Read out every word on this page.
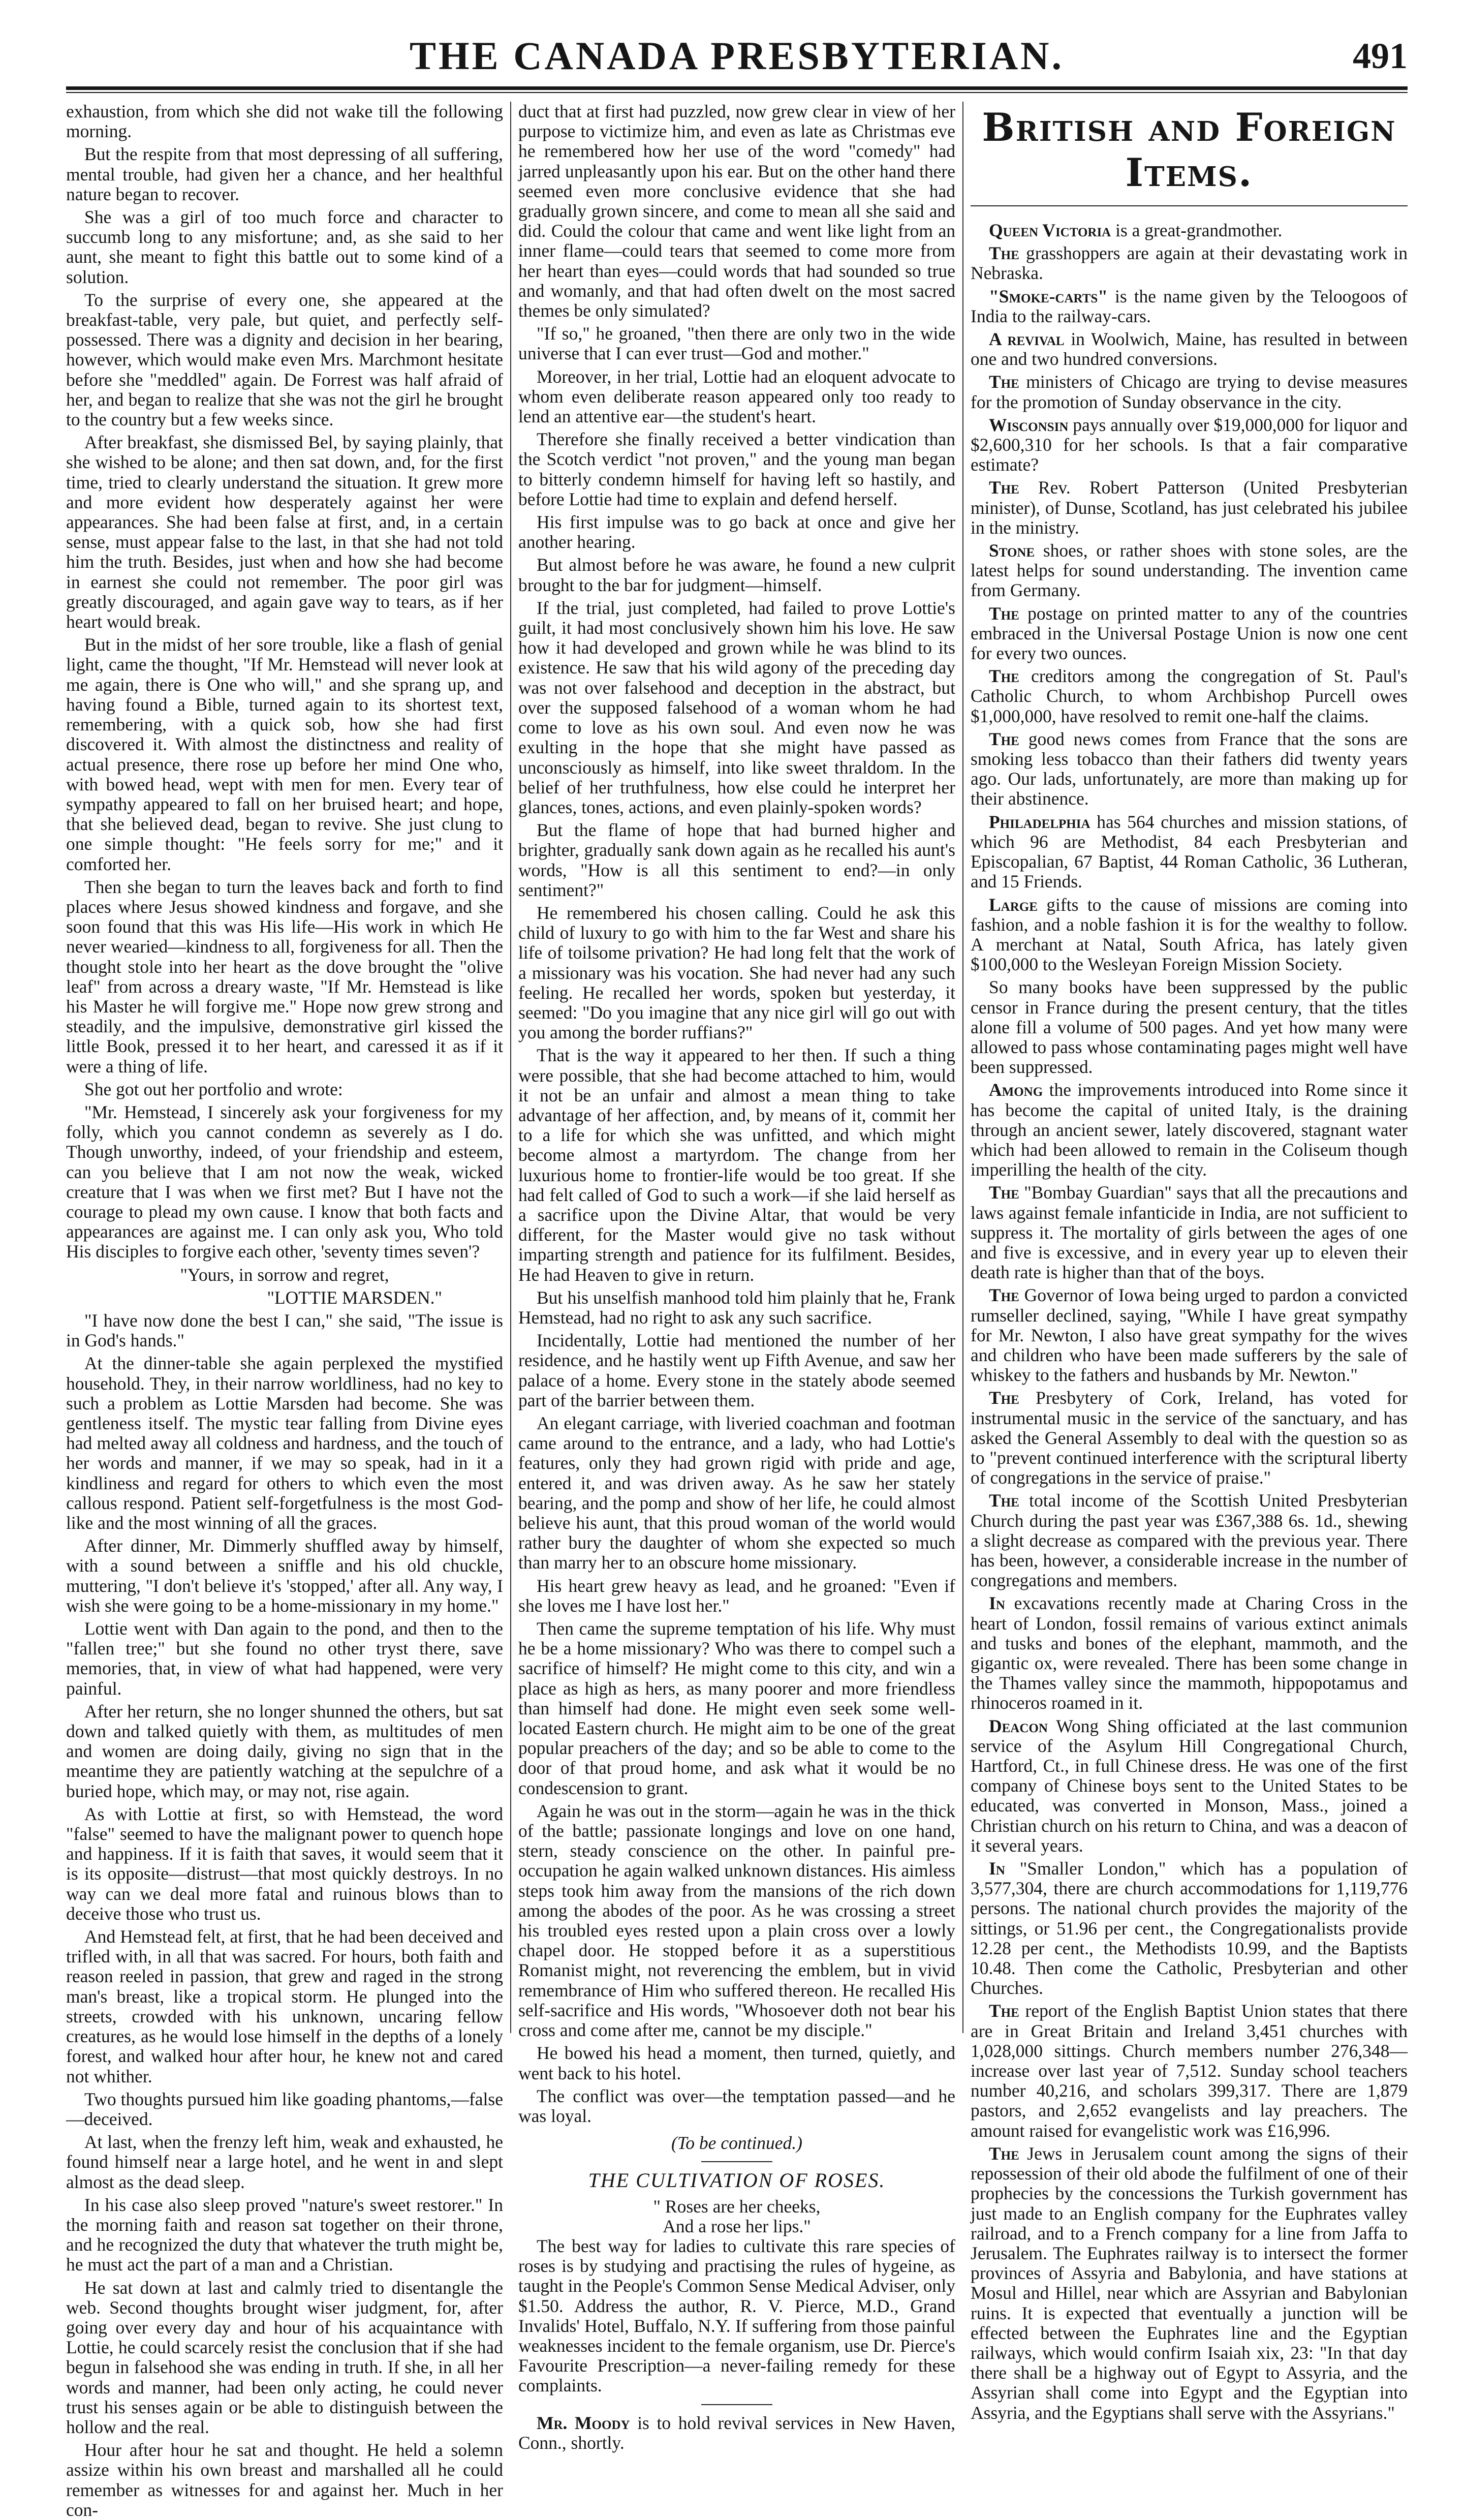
THE CANADA PRESBYTERIAN.	491

exhaustion, from which she did not wake till the following morning.

But the respite from that most depressing of all suffering, mental trouble, had given her a chance, and her healthful nature began to recover.

She was a girl of too much force and character to succumb long to any misfortune; and, as she said to her aunt, she meant to fight this battle out to some kind of a solution.

To the surprise of every one, she appeared at the breakfast-table, very pale, but quiet, and perfectly self-possessed. There was a dignity and decision in her bearing, however, which would make even Mrs. Marchmont hesitate before she "meddled" again. De Forrest was half afraid of her, and began to realize that she was not the girl he brought to the country but a few weeks since.

After breakfast, she dismissed Bel, by saying plainly, that she wished to be alone; and then sat down, and, for the first time, tried to clearly understand the situation. It grew more and more evident how desperately against her were appearances. She had been false at first, and, in a certain sense, must appear false to the last, in that she had not told him the truth. Besides, just when and how she had become in earnest she could not remember. The poor girl was greatly discouraged, and again gave way to tears, as if her heart would break.

But in the midst of her sore trouble, like a flash of genial light, came the thought, "If Mr. Hemstead will never look at me again, there is One who will," and she sprang up, and having found a Bible, turned again to its shortest text, remembering, with a quick sob, how she had first discovered it. With almost the distinctness and reality of actual presence, there rose up before her mind One who, with bowed head, wept with men for men. Every tear of sympathy appeared to fall on her bruised heart; and hope, that she believed dead, began to revive. She just clung to one simple thought: "He feels sorry for me;" and it comforted her.

Then she began to turn the leaves back and forth to find places where Jesus showed kindness and forgave, and she soon found that this was His life—His work in which He never wearied—kindness to all, forgiveness for all. Then the thought stole into her heart as the dove brought the "olive leaf" from across a dreary waste, "If Mr. Hemstead is like his Master he will forgive me." Hope now grew strong and steadily, and the impulsive, demonstrative girl kissed the little Book, pressed it to her heart, and caressed it as if it were a thing of life.

She got out her portfolio and wrote:

"Mr. Hemstead, I sincerely ask your forgiveness for my folly, which you cannot condemn as severely as I do. Though unworthy, indeed, of your friendship and esteem, can you believe that I am not now the weak, wicked creature that I was when we first met? But I have not the courage to plead my own cause. I know that both facts and appearances are against me. I can only ask you, Who told His disciples to forgive each other, 'seventy times seven'?

"Yours, in sorrow and regret,

"LOTTIE MARSDEN."

"I have now done the best I can," she said, "The issue is in God's hands."

At the dinner-table she again perplexed the mystified household. They, in their narrow worldliness, had no key to such a problem as Lottie Marsden had become. She was gentleness itself. The mystic tear falling from Divine eyes had melted away all coldness and hardness, and the touch of her words and manner, if we may so speak, had in it a kindliness and regard for others to which even the most callous respond. Patient self-forgetfulness is the most God-like and the most winning of all the graces.

After dinner, Mr. Dimmerly shuffled away by himself, with a sound between a sniffle and his old chuckle, muttering, "I don't believe it's 'stopped,' after all. Any way, I wish she were going to be a home-missionary in my home."

Lottie went with Dan again to the pond, and then to the "fallen tree;" but she found no other tryst there, save memories, that, in view of what had happened, were very painful.

After her return, she no longer shunned the others, but sat down and talked quietly with them, as multitudes of men and women are doing daily, giving no sign that in the meantime they are patiently watching at the sepulchre of a buried hope, which may, or may not, rise again.

As with Lottie at first, so with Hemstead, the word "false" seemed to have the malignant power to quench hope and happiness. If it is faith that saves, it would seem that it is its opposite—distrust—that most quickly destroys. In no way can we deal more fatal and ruinous blows than to deceive those who trust us.

And Hemstead felt, at first, that he had been deceived and trifled with, in all that was sacred. For hours, both faith and reason reeled in passion, that grew and raged in the strong man's breast, like a tropical storm. He plunged into the streets, crowded with his unknown, uncaring fellow creatures, as he would lose himself in the depths of a lonely forest, and walked hour after hour, he knew not and cared not whither.

Two thoughts pursued him like goading phantoms,—false—deceived.

At last, when the frenzy left him, weak and exhausted, he found himself near a large hotel, and he went in and slept almost as the dead sleep.

In his case also sleep proved "nature's sweet restorer." In the morning faith and reason sat together on their throne, and he recognized the duty that whatever the truth might be, he must act the part of a man and a Christian.

He sat down at last and calmly tried to disentangle the web. Second thoughts brought wiser judgment, for, after going over every day and hour of his acquaintance with Lottie, he could scarcely resist the conclusion that if she had begun in falsehood she was ending in truth. If she, in all her words and manner, had been only acting, he could never trust his senses again or be able to distinguish between the hollow and the real.

Hour after hour he sat and thought. He held a solemn assize within his own breast and marshalled all he could remember as witnesses for and against her. Much in her con-

duct that at first had puzzled, now grew clear in view of her purpose to victimize him, and even as late as Christmas eve he remembered how her use of the word "comedy" had jarred unpleasantly upon his ear. But on the other hand there seemed even more conclusive evidence that she had gradually grown sincere, and come to mean all she said and did. Could the colour that came and went like light from an inner flame—could tears that seemed to come more from her heart than eyes—could words that had sounded so true and womanly, and that had often dwelt on the most sacred themes be only simulated?

"If so," he groaned, "then there are only two in the wide universe that I can ever trust—God and mother."

Moreover, in her trial, Lottie had an eloquent advocate to whom even deliberate reason appeared only too ready to lend an attentive ear—the student's heart.

Therefore she finally received a better vindication than the Scotch verdict "not proven," and the young man began to bitterly condemn himself for having left so hastily, and before Lottie had time to explain and defend herself.

His first impulse was to go back at once and give her another hearing.

But almost before he was aware, he found a new culprit brought to the bar for judgment—himself.

If the trial, just completed, had failed to prove Lottie's guilt, it had most conclusively shown him his love. He saw how it had developed and grown while he was blind to its existence. He saw that his wild agony of the preceding day was not over falsehood and deception in the abstract, but over the supposed falsehood of a woman whom he had come to love as his own soul. And even now he was exulting in the hope that she might have passed as unconsciously as himself, into like sweet thraldom. In the belief of her truthfulness, how else could he interpret her glances, tones, actions, and even plainly-spoken words?

But the flame of hope that had burned higher and brighter, gradually sank down again as he recalled his aunt's words, "How is all this sentiment to end?—in only sentiment?"

He remembered his chosen calling. Could he ask this child of luxury to go with him to the far West and share his life of toilsome privation? He had long felt that the work of a missionary was his vocation. She had never had any such feeling. He recalled her words, spoken but yesterday, it seemed: "Do you imagine that any nice girl will go out with you among the border ruffians?"

That is the way it appeared to her then. If such a thing were possible, that she had become attached to him, would it not be an unfair and almost a mean thing to take advantage of her affection, and, by means of it, commit her to a life for which she was unfitted, and which might become almost a martyrdom. The change from her luxurious home to frontier-life would be too great. If she had felt called of God to such a work—if she laid herself as a sacrifice upon the Divine Altar, that would be very different, for the Master would give no task without imparting strength and patience for its fulfilment. Besides, He had Heaven to give in return.

But his unselfish manhood told him plainly that he, Frank Hemstead, had no right to ask any such sacrifice.

Incidentally, Lottie had mentioned the number of her residence, and he hastily went up Fifth Avenue, and saw her palace of a home. Every stone in the stately abode seemed part of the barrier between them.

An elegant carriage, with liveried coachman and footman came around to the entrance, and a lady, who had Lottie's features, only they had grown rigid with pride and age, entered it, and was driven away. As he saw her stately bearing, and the pomp and show of her life, he could almost believe his aunt, that this proud woman of the world would rather bury the daughter of whom she expected so much than marry her to an obscure home missionary.

His heart grew heavy as lead, and he groaned: "Even if she loves me I have lost her."

Then came the supreme temptation of his life. Why must he be a home missionary? Who was there to compel such a sacrifice of himself? He might come to this city, and win a place as high as hers, as many poorer and more friendless than himself had done. He might even seek some well-located Eastern church. He might aim to be one of the great popular preachers of the day; and so be able to come to the door of that proud home, and ask what it would be no condescension to grant.

Again he was out in the storm—again he was in the thick of the battle; passionate longings and love on one hand, stern, steady conscience on the other. In painful pre-occupation he again walked unknown distances. His aimless steps took him away from the mansions of the rich down among the abodes of the poor. As he was crossing a street his troubled eyes rested upon a plain cross over a lowly chapel door. He stopped before it as a superstitious Romanist might, not reverencing the emblem, but in vivid remembrance of Him who suffered thereon. He recalled His self-sacrifice and His words, "Whosoever doth not bear his cross and come after me, cannot be my disciple."

He bowed his head a moment, then turned, quietly, and went back to his hotel.

The conflict was over—the temptation passed—and he was loyal.

(To be continued.)

THE CULTIVATION OF ROSES.

" Roses are her cheeks,

And a rose her lips."

The best way for ladies to cultivate this rare species of roses is by studying and practising the rules of hygeine, as taught in the People's Common Sense Medical Adviser, only $1.50. Address the author, R. V. Pierce, M.D., Grand Invalids' Hotel, Buffalo, N.Y. If suffering from those painful weaknesses incident to the female organism, use Dr. Pierce's Favourite Prescription—a never-failing remedy for these complaints.

Mr. Moody is to hold revival services in New Haven, Conn., shortly.

British and Foreign Items.

Queen Victoria is a great-grandmother.

The grasshoppers are again at their devastating work in Nebraska.

"Smoke-carts" is the name given by the Teloogoos of India to the railway-cars.

A revival in Woolwich, Maine, has resulted in between one and two hundred conversions.

The ministers of Chicago are trying to devise measures for the promotion of Sunday observance in the city.

Wisconsin pays annually over $19,000,000 for liquor and $2,600,310 for her schools. Is that a fair comparative estimate?

The Rev. Robert Patterson (United Presbyterian minister), of Dunse, Scotland, has just celebrated his jubilee in the ministry.

Stone shoes, or rather shoes with stone soles, are the latest helps for sound understanding. The invention came from Germany.

The postage on printed matter to any of the countries embraced in the Universal Postage Union is now one cent for every two ounces.

The creditors among the congregation of St. Paul's Catholic Church, to whom Archbishop Purcell owes $1,000,000, have resolved to remit one-half the claims.

The good news comes from France that the sons are smoking less tobacco than their fathers did twenty years ago. Our lads, unfortunately, are more than making up for their abstinence.

Philadelphia has 564 churches and mission stations, of which 96 are Methodist, 84 each Presbyterian and Episcopalian, 67 Baptist, 44 Roman Catholic, 36 Lutheran, and 15 Friends.

Large gifts to the cause of missions are coming into fashion, and a noble fashion it is for the wealthy to follow. A merchant at Natal, South Africa, has lately given $100,000 to the Wesleyan Foreign Mission Society.

So many books have been suppressed by the public censor in France during the present century, that the titles alone fill a volume of 500 pages. And yet how many were allowed to pass whose contaminating pages might well have been suppressed.

Among the improvements introduced into Rome since it has become the capital of united Italy, is the draining through an ancient sewer, lately discovered, stagnant water which had been allowed to remain in the Coliseum though imperilling the health of the city.

The "Bombay Guardian" says that all the precautions and laws against female infanticide in India, are not sufficient to suppress it. The mortality of girls between the ages of one and five is excessive, and in every year up to eleven their death rate is higher than that of the boys.

The Governor of Iowa being urged to pardon a convicted rumseller declined, saying, "While I have great sympathy for Mr. Newton, I also have great sympathy for the wives and children who have been made sufferers by the sale of whiskey to the fathers and husbands by Mr. Newton."

The Presbytery of Cork, Ireland, has voted for instrumental music in the service of the sanctuary, and has asked the General Assembly to deal with the question so as to "prevent continued interference with the scriptural liberty of congregations in the service of praise."

The total income of the Scottish United Presbyterian Church during the past year was £367,388 6s. 1d., shewing a slight decrease as compared with the previous year. There has been, however, a considerable increase in the number of congregations and members.

In excavations recently made at Charing Cross in the heart of London, fossil remains of various extinct animals and tusks and bones of the elephant, mammoth, and the gigantic ox, were revealed. There has been some change in the Thames valley since the mammoth, hippopotamus and rhinoceros roamed in it.

Deacon Wong Shing officiated at the last communion service of the Asylum Hill Congregational Church, Hartford, Ct., in full Chinese dress. He was one of the first company of Chinese boys sent to the United States to be educated, was converted in Monson, Mass., joined a Christian church on his return to China, and was a deacon of it several years.

In "Smaller London," which has a population of 3,577,304, there are church accommodations for 1,119,776 persons. The national church provides the majority of the sittings, or 51.96 per cent., the Congregationalists provide 12.28 per cent., the Methodists 10.99, and the Baptists 10.48. Then come the Catholic, Presbyterian and other Churches.

The report of the English Baptist Union states that there are in Great Britain and Ireland 3,451 churches with 1,028,000 sittings. Church members number 276,348—increase over last year of 7,512. Sunday school teachers number 40,216, and scholars 399,317. There are 1,879 pastors, and 2,652 evangelists and lay preachers. The amount raised for evangelistic work was £16,996.

The Jews in Jerusalem count among the signs of their repossession of their old abode the fulfilment of one of their prophecies by the concessions the Turkish government has just made to an English company for the Euphrates valley railroad, and to a French company for a line from Jaffa to Jerusalem. The Euphrates railway is to intersect the former provinces of Assyria and Babylonia, and have stations at Mosul and Hillel, near which are Assyrian and Babylonian ruins. It is expected that eventually a junction will be effected between the Euphrates line and the Egyptian railways, which would confirm Isaiah xix, 23: "In that day there shall be a highway out of Egypt to Assyria, and the Assyrian shall come into Egypt and the Egyptian into Assyria, and the Egyptians shall serve with the Assyrians."
